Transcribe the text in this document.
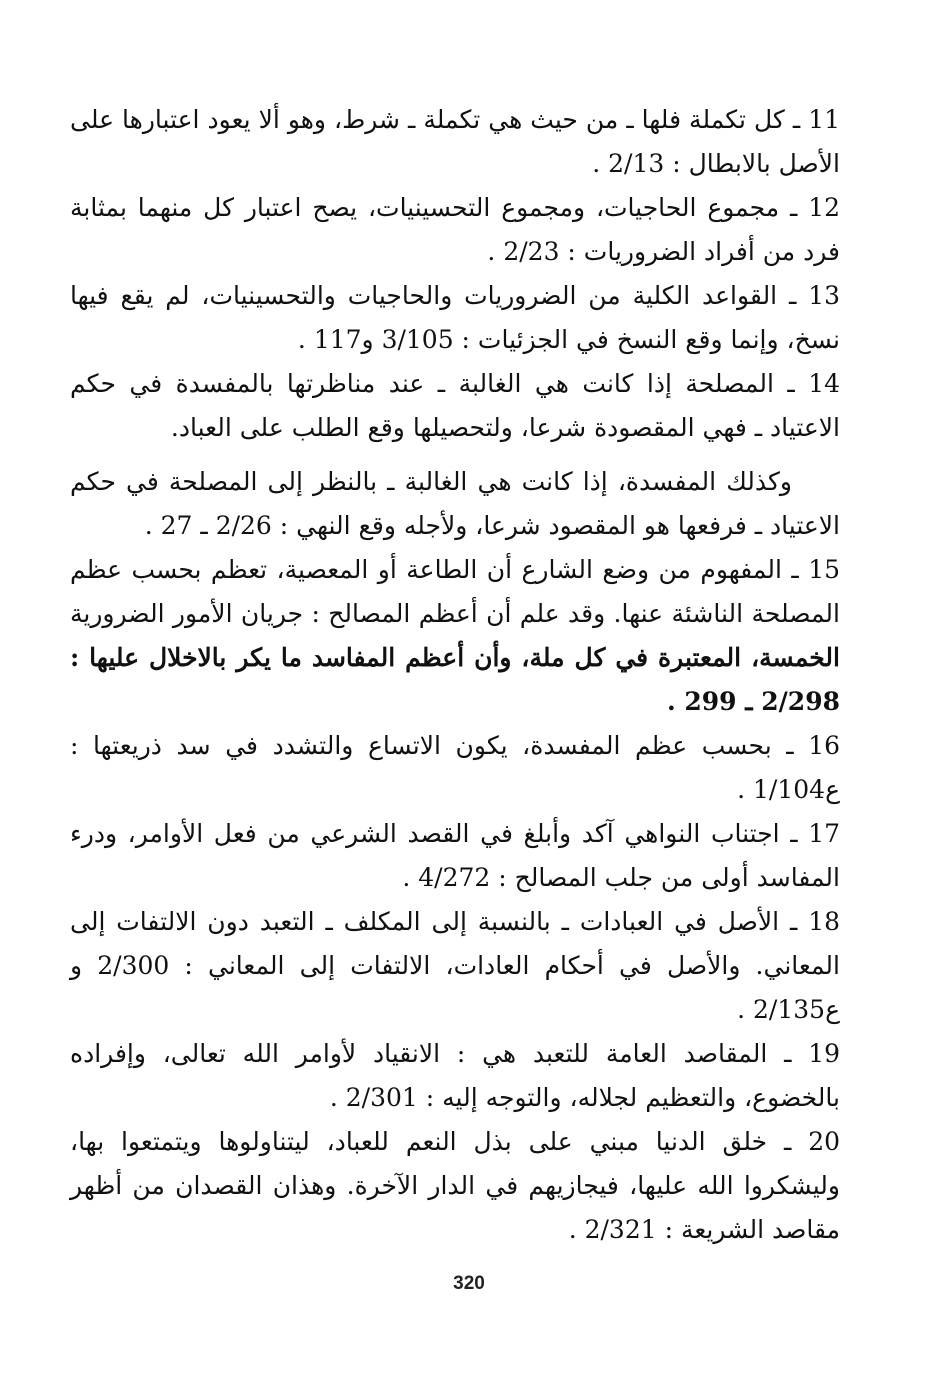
11 ـ كل تكملة فلها ـ من حيث هي تكملة ـ شرط، وهو ألا يعود اعتبارها على الأصل بالابطال : 2/13 .

12 ـ مجموع الحاجيات، ومجموع التحسينيات، يصح اعتبار كل منهما بمثابة فرد من أفراد الضروريات : 2/23 .

13 ـ القواعد الكلية من الضروريات والحاجيات والتحسينيات، لم يقع فيها نسخ، وإنما وقع النسخ في الجزئيات : 3/105 و117 .

14 ـ المصلحة إذا كانت هي الغالبة ـ عند مناظرتها بالمفسدة في حكم الاعتياد ـ فهي المقصودة شرعا، ولتحصيلها وقع الطلب على العباد.

وكذلك المفسدة، إذا كانت هي الغالبة ـ بالنظر إلى المصلحة في حكم الاعتياد ـ فرفعها هو المقصود شرعا، ولأجله وقع النهي : 2/26 ـ 27 .

15 ـ المفهوم من وضع الشارع أن الطاعة أو المعصية، تعظم بحسب عظم المصلحة الناشئة عنها. وقد علم أن أعظم المصالح : جريان الأمور الضرورية الخمسة، المعتبرة في كل ملة، وأن أعظم المفاسد ما يكر بالاخلال عليها : 2/298 ـ 299 .

16 ـ بحسب عظم المفسدة، يكون الاتساع والتشدد في سد ذريعتها : ع1/104 .

17 ـ اجتناب النواهي آكد وأبلغ في القصد الشرعي من فعل الأوامر، ودرء المفاسد أولى من جلب المصالح : 4/272 .

18 ـ الأصل في العبادات ـ بالنسبة إلى المكلف ـ التعبد دون الالتفات إلى المعاني. والأصل في أحكام العادات، الالتفات إلى المعاني : 2/300 و ع2/135 .

19 ـ المقاصد العامة للتعبد هي : الانقياد لأوامر الله تعالى، وإفراده بالخضوع، والتعظيم لجلاله، والتوجه إليه : 2/301 .

20 ـ خلق الدنيا مبني على بذل النعم للعباد، ليتناولوها ويتمتعوا بها، وليشكروا الله عليها، فيجازيهم في الدار الآخرة. وهذان القصدان من أظهر مقاصد الشريعة : 2/321 .

320
